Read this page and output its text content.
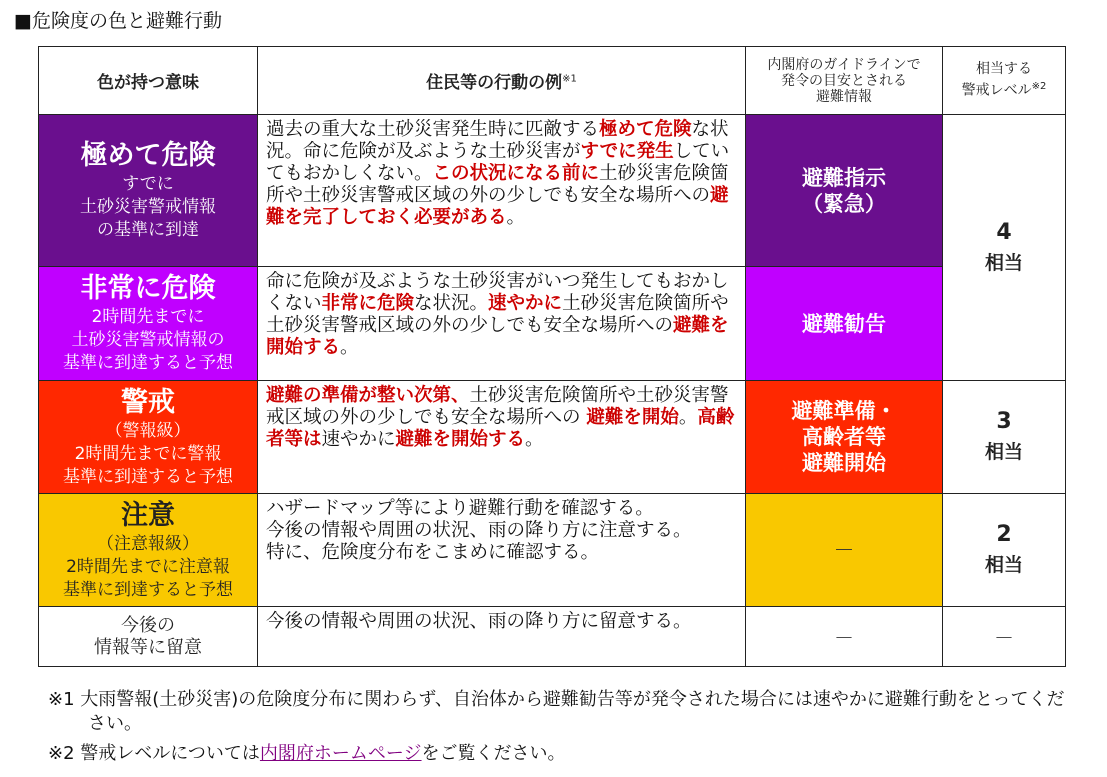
■危険度の色と避難行動
色が持つ意味	住民等の行動の例$^{※1}$	内閣府のガイドラインで
発令の目安とされる
避難情報	相当する
警戒レベル$^{※2}$

極めて危険
すでに
土砂災害警戒情報
の基準に到達	過去の重大な土砂災害発生時に匹敵する極めて危険な状況。命に危険が及ぶような土砂災害がすでに発生していてもおかしくない。この状況になる前に土砂災害危険箇所や土砂災害警戒区域の外の少しでも安全な場所への避難を完了しておく必要がある。	避難指示
（緊急）	4
相当

非常に危険
2時間先までに
土砂災害警戒情報の
基準に到達すると予想	命に危険が及ぶような土砂災害がいつ発生してもおかしくない非常に危険な状況。速やかに土砂災害危険箇所や土砂災害警戒区域の外の少しでも安全な場所への避難を開始する。	避難勧告	

警戒
（警報級）
2時間先までに警報
基準に到達すると予想	避難の準備が整い次第、土砂災害危険箇所や土砂災害警戒区域の外の少しでも安全な場所への 避難を開始。高齢者等は速やかに避難を開始する。	避難準備・
高齢者等
避難開始	3
相当

注意
（注意報級）
2時間先までに注意報
基準に到達すると予想	ハザードマップ等により避難行動を確認する。
今後の情報や周囲の状況、雨の降り方に注意する。
特に、危険度分布をこまめに確認する。	－	2
相当
今後の
情報等に留意	今後の情報や周囲の状況、雨の降り方に留意する。	－	－
※1 大雨警報(土砂災害)の危険度分布に関わらず、自治体から避難勧告等が発令された場合には速やかに避難行動をとってください。
※2 警戒レベルについては内閣府ホームページをご覧ください。
